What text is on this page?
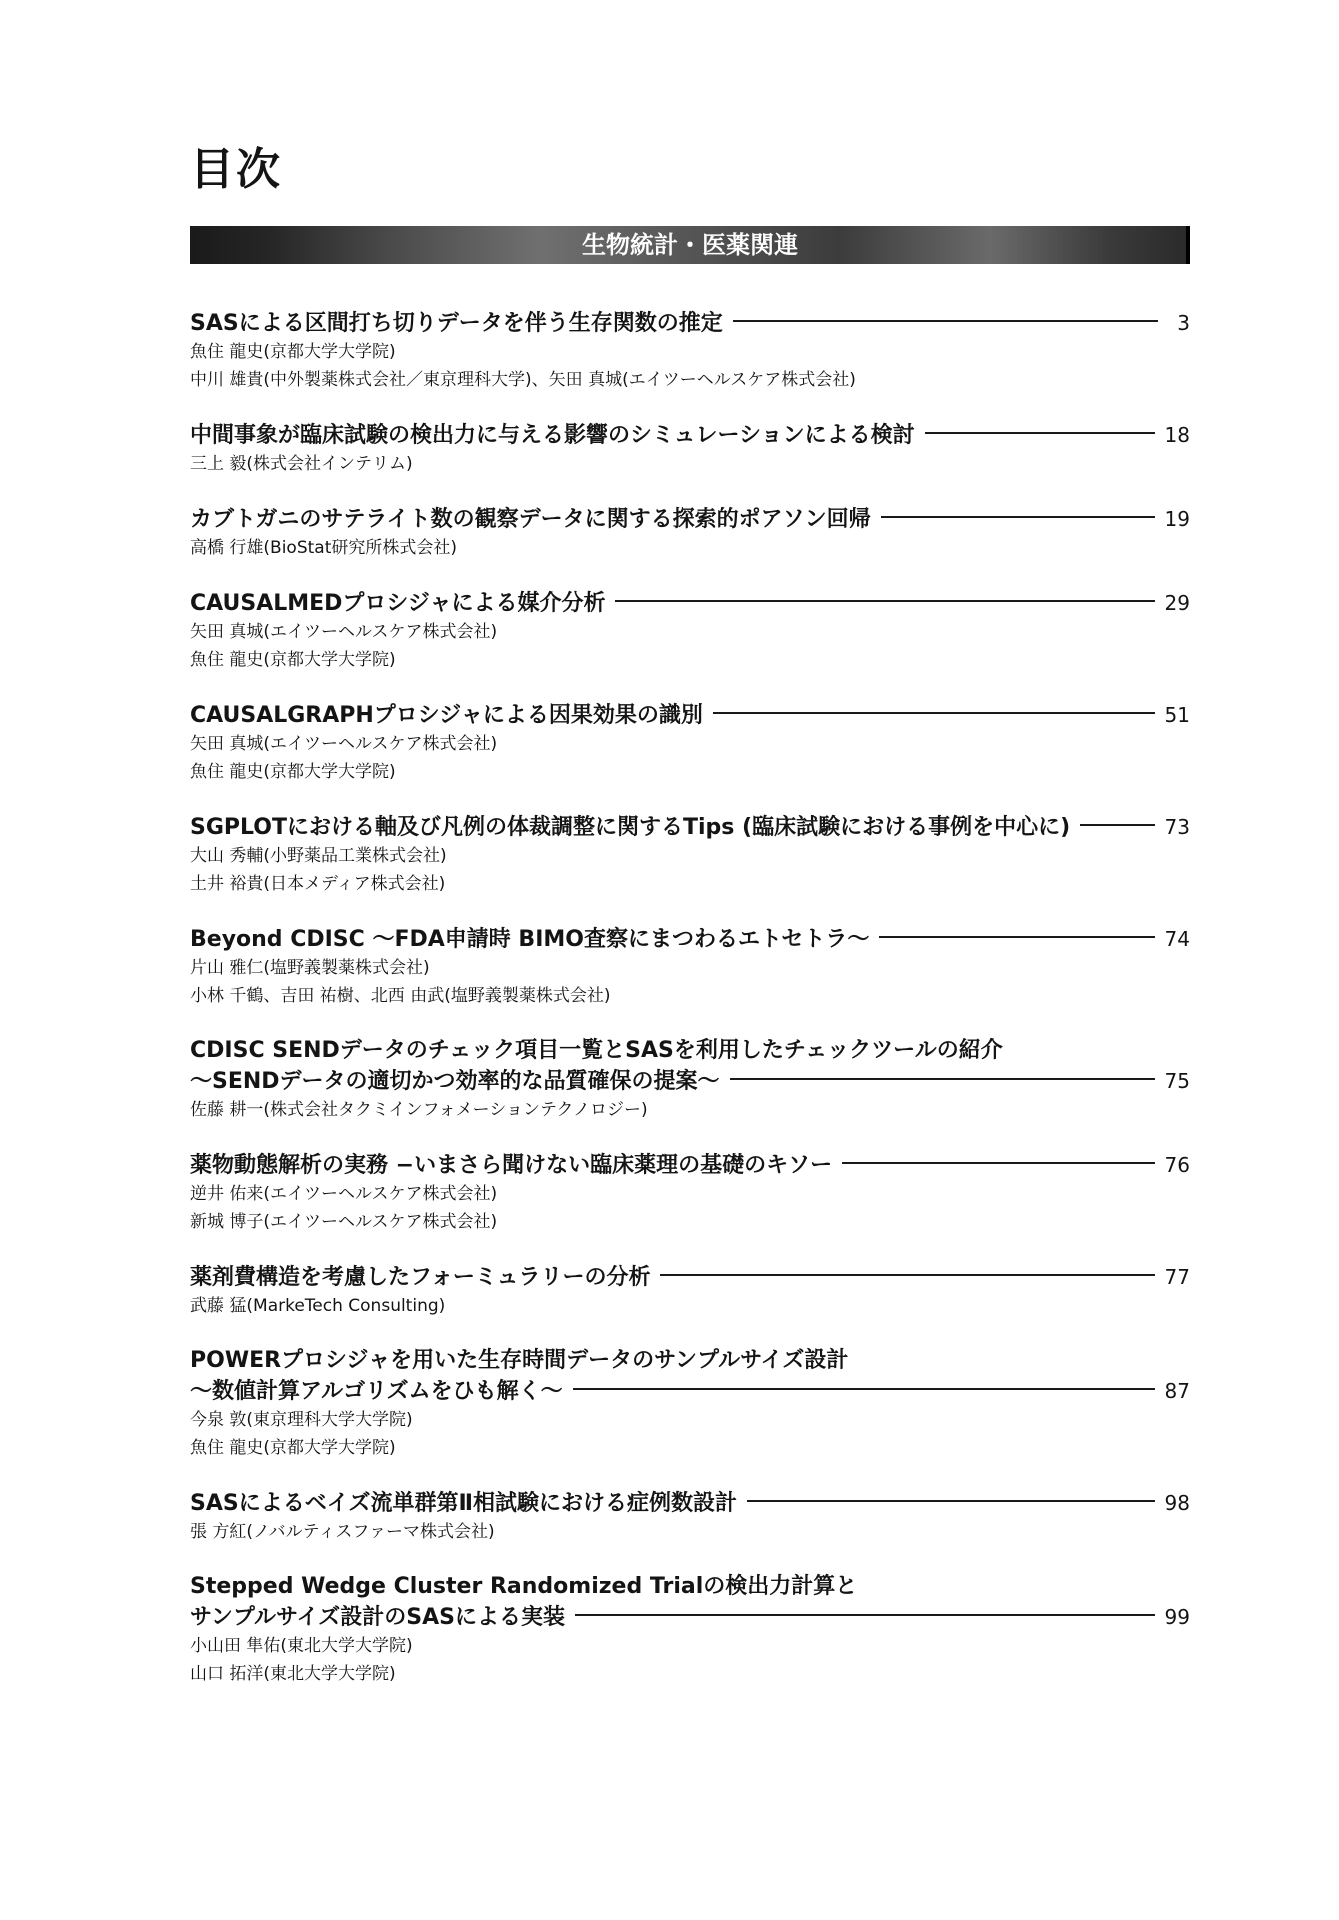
目次
生物統計・医薬関連
SASによる区間打ち切りデータを伴う生存関数の推定	3
魚住 龍史(京都大学大学院)
中川 雄貴(中外製薬株式会社／東京理科大学)、矢田 真城(エイツーヘルスケア株式会社)
中間事象が臨床試験の検出力に与える影響のシミュレーションによる検討	18
三上 毅(株式会社インテリム)
カブトガニのサテライト数の観察データに関する探索的ポアソン回帰	19
高橋 行雄(BioStat研究所株式会社)
CAUSALMEDプロシジャによる媒介分析	29
矢田 真城(エイツーヘルスケア株式会社)
魚住 龍史(京都大学大学院)
CAUSALGRAPHプロシジャによる因果効果の識別	51
矢田 真城(エイツーヘルスケア株式会社)
魚住 龍史(京都大学大学院)
SGPLOTにおける軸及び凡例の体裁調整に関するTips (臨床試験における事例を中心に)	73
大山 秀輔(小野薬品工業株式会社)
土井 裕貴(日本メディア株式会社)
Beyond CDISC ～FDA申請時 BIMO査察にまつわるエトセトラ～	74
片山 雅仁(塩野義製薬株式会社)
小林 千鶴、吉田 祐樹、北西 由武(塩野義製薬株式会社)
CDISC SENDデータのチェック項目一覧とSASを利用したチェックツールの紹介
～SENDデータの適切かつ効率的な品質確保の提案～	75
佐藤 耕一(株式会社タクミインフォメーションテクノロジー)
薬物動態解析の実務 −いまさら聞けない臨床薬理の基礎のキソー	76
逆井 佑来(エイツーヘルスケア株式会社)
新城 博子(エイツーヘルスケア株式会社)
薬剤費構造を考慮したフォーミュラリーの分析	77
武藤 猛(MarkeTech Consulting)
POWERプロシジャを用いた生存時間データのサンプルサイズ設計
～数値計算アルゴリズムをひも解く～	87
今泉 敦(東京理科大学大学院)
魚住 龍史(京都大学大学院)
SASによるベイズ流単群第Ⅱ相試験における症例数設計	98
張 方紅(ノバルティスファーマ株式会社)
Stepped Wedge Cluster Randomized Trialの検出力計算と
サンプルサイズ設計のSASによる実装	99
小山田 隼佑(東北大学大学院)
山口 拓洋(東北大学大学院)
